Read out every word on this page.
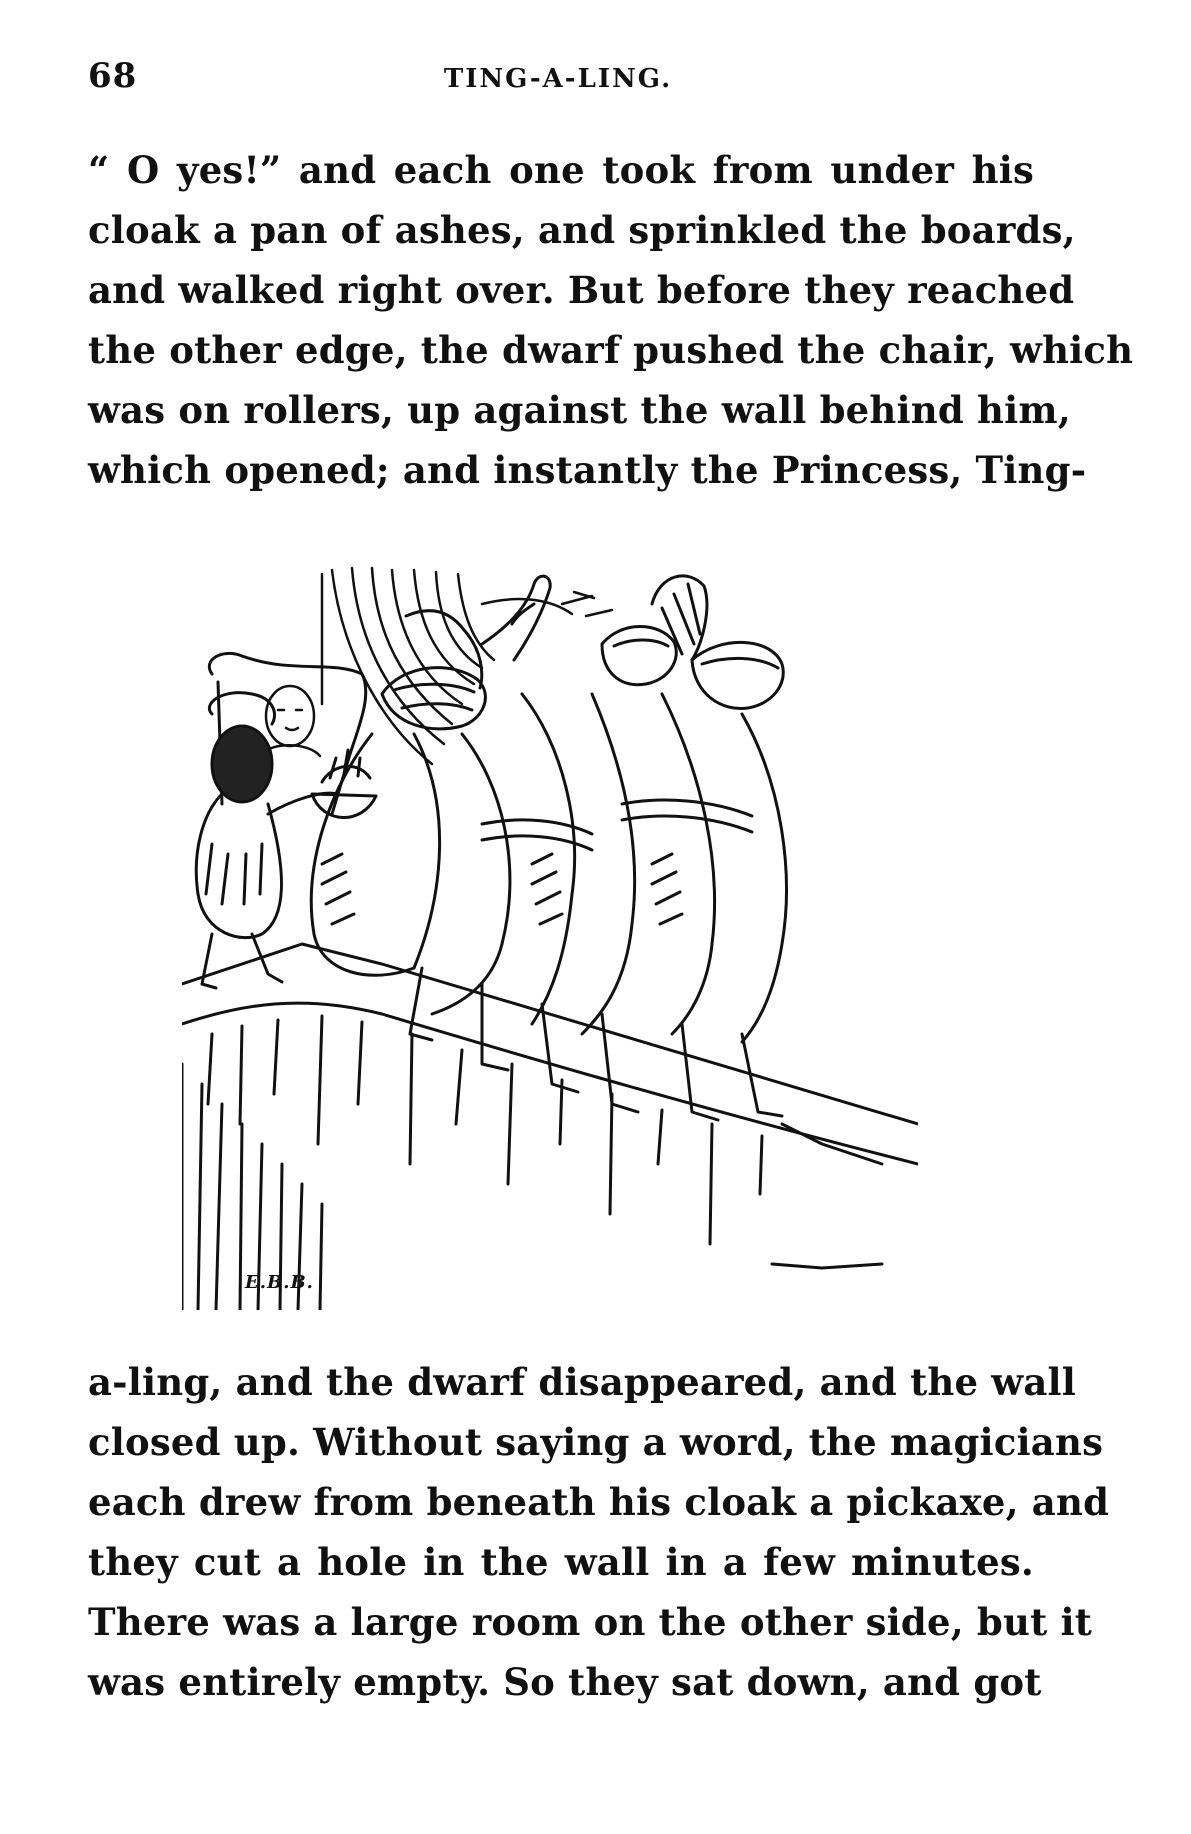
68	TING-A-LING.
“ O yes!” and each one took from under his
cloak a pan of ashes, and sprinkled the boards,
and walked right over. But before they reached
the other edge, the dwarf pushed the chair, which
was on rollers, up against the wall behind him,
which opened; and instantly the Princess, Ting-
E.B.B.
a-ling, and the dwarf disappeared, and the wall
closed up. Without saying a word, the magicians
each drew from beneath his cloak a pickaxe, and
they cut a hole in the wall in a few minutes.
There was a large room on the other side, but it
was entirely empty. So they sat down, and got
